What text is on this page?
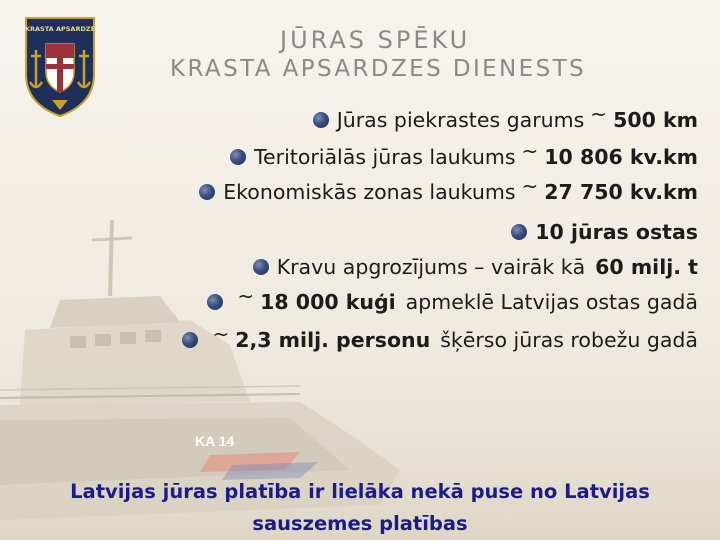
KA 14
KRASTA APSARDZE	JŪRAS SPĒKU
KRASTA APSARDZES DIENESTS
Jūras piekrastes garums ~ 500 km
Teritoriālās jūras laukums ~ 10 806 kv.km
Ekonomiskās zonas laukums ~ 27 750 kv.km
10 jūras ostas
Kravu apgrozījums – vairāk kā 60 milj. t
~ 18 000 kuģi apmeklē Latvijas ostas gadā
~ 2,3 milj. personu šķērso jūras robežu gadā
Latvijas jūras platība ir lielāka nekā puse no Latvijas
sauszemes platības
